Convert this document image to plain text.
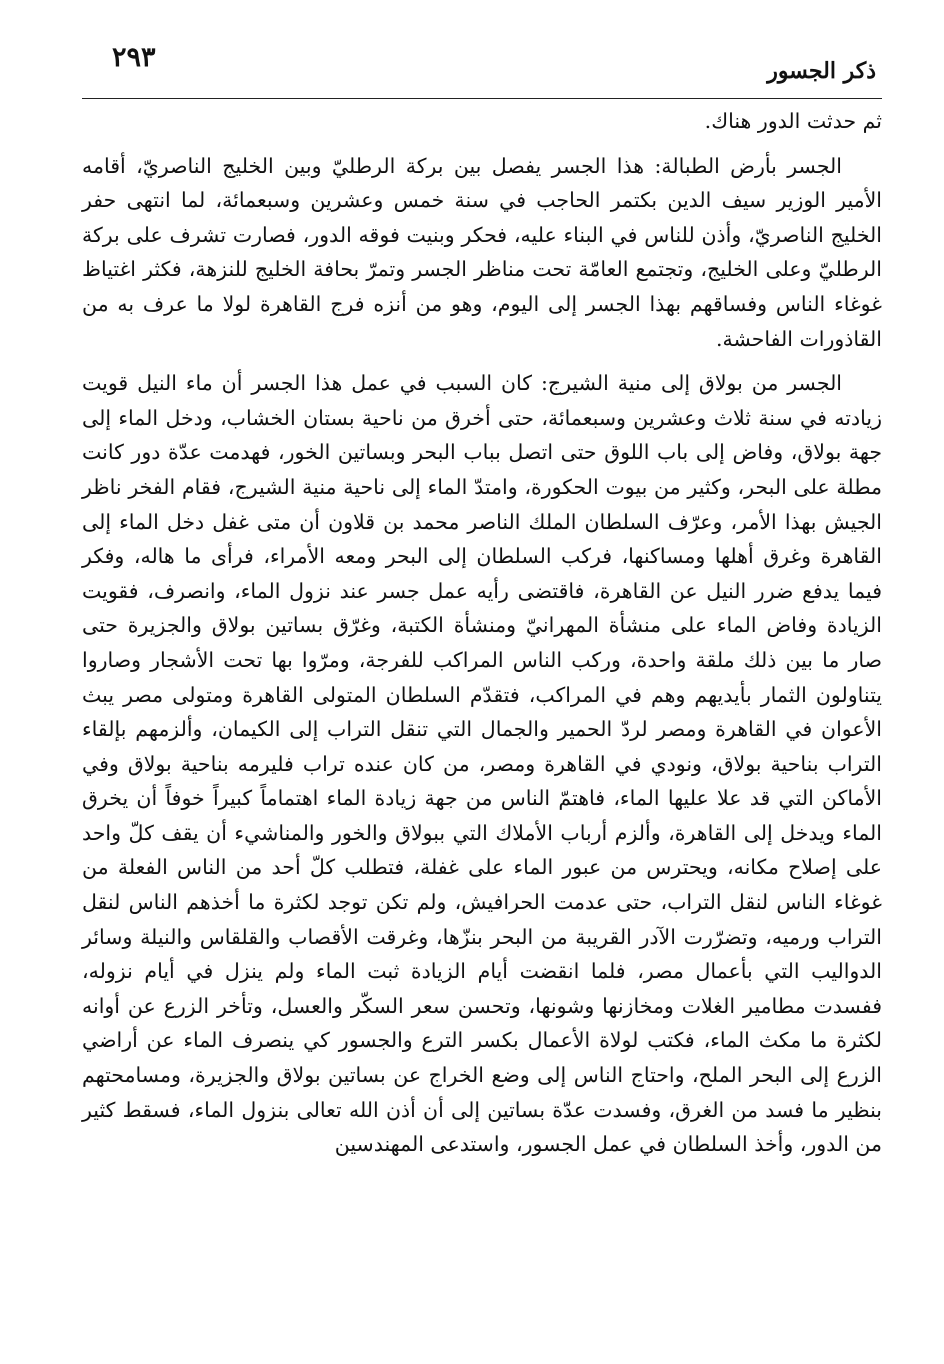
٢٩٣	ذكر الجسور

ثم حدثت الدور هناك.

الجسر بأرض الطبالة: هذا الجسر يفصل بين بركة الرطليّ وبين الخليج الناصريّ، أقامه الأمير الوزير سيف الدين بكتمر الحاجب في سنة خمس وعشرين وسبعمائة، لما انتهى حفر الخليج الناصريّ، وأذن للناس في البناء عليه، فحكر وبنيت فوقه الدور، فصارت تشرف على بركة الرطليّ وعلى الخليج، وتجتمع العامّة تحت مناظر الجسر وتمرّ بحافة الخليج للنزهة، فكثر اغتياظ غوغاء الناس وفساقهم بهذا الجسر إلى اليوم، وهو من أنزه فرج القاهرة لولا ما عرف به من القاذورات الفاحشة.

الجسر من بولاق إلى منية الشيرج: كان السبب في عمل هذا الجسر أن ماء النيل قويت زيادته في سنة ثلاث وعشرين وسبعمائة، حتى أخرق من ناحية بستان الخشاب، ودخل الماء إلى جهة بولاق، وفاض إلى باب اللوق حتى اتصل بباب البحر وبساتين الخور، فهدمت عدّة دور كانت مطلة على البحر، وكثير من بيوت الحكورة، وامتدّ الماء إلى ناحية منية الشيرج، فقام الفخر ناظر الجيش بهذا الأمر، وعرّف السلطان الملك الناصر محمد بن قلاون أن متى غفل دخل الماء إلى القاهرة وغرق أهلها ومساكنها، فركب السلطان إلى البحر ومعه الأمراء، فرأى ما هاله، وفكر فيما يدفع ضرر النيل عن القاهرة، فاقتضى رأيه عمل جسر عند نزول الماء، وانصرف، فقويت الزيادة وفاض الماء على منشأة المهرانيّ ومنشأة الكتبة، وغرّق بساتين بولاق والجزيرة حتى صار ما بين ذلك ملقة واحدة، وركب الناس المراكب للفرجة، ومرّوا بها تحت الأشجار وصاروا يتناولون الثمار بأيديهم وهم في المراكب، فتقدّم السلطان المتولى القاهرة ومتولى مصر يبث الأعوان في القاهرة ومصر لردّ الحمير والجمال التي تنقل التراب إلى الكيمان، وألزمهم بإلقاء التراب بناحية بولاق، ونودي في القاهرة ومصر، من كان عنده تراب فليرمه بناحية بولاق وفي الأماكن التي قد علا عليها الماء، فاهتمّ الناس من جهة زيادة الماء اهتماماً كبيراً خوفاً أن يخرق الماء ويدخل إلى القاهرة، وألزم أرباب الأملاك التي ببولاق والخور والمناشيء أن يقف كلّ واحد على إصلاح مكانه، ويحترس من عبور الماء على غفلة، فتطلب كلّ أحد من الناس الفعلة من غوغاء الناس لنقل التراب، حتى عدمت الحرافيش، ولم تكن توجد لكثرة ما أخذهم الناس لنقل التراب ورميه، وتضرّرت الآدر القريبة من البحر بنزّها، وغرقت الأقصاب والقلقاس والنيلة وسائر الدواليب التي بأعمال مصر، فلما انقضت أيام الزيادة ثبت الماء ولم ينزل في أيام نزوله، ففسدت مطامير الغلات ومخازنها وشونها، وتحسن سعر السكّر والعسل، وتأخر الزرع عن أوانه لكثرة ما مكث الماء، فكتب لولاة الأعمال بكسر الترع والجسور كي ينصرف الماء عن أراضي الزرع إلى البحر الملح، واحتاج الناس إلى وضع الخراج عن بساتين بولاق والجزيرة، ومسامحتهم بنظير ما فسد من الغرق، وفسدت عدّة بساتين إلى أن أذن الله تعالى بنزول الماء، فسقط كثير من الدور، وأخذ السلطان في عمل الجسور، واستدعى المهندسين
